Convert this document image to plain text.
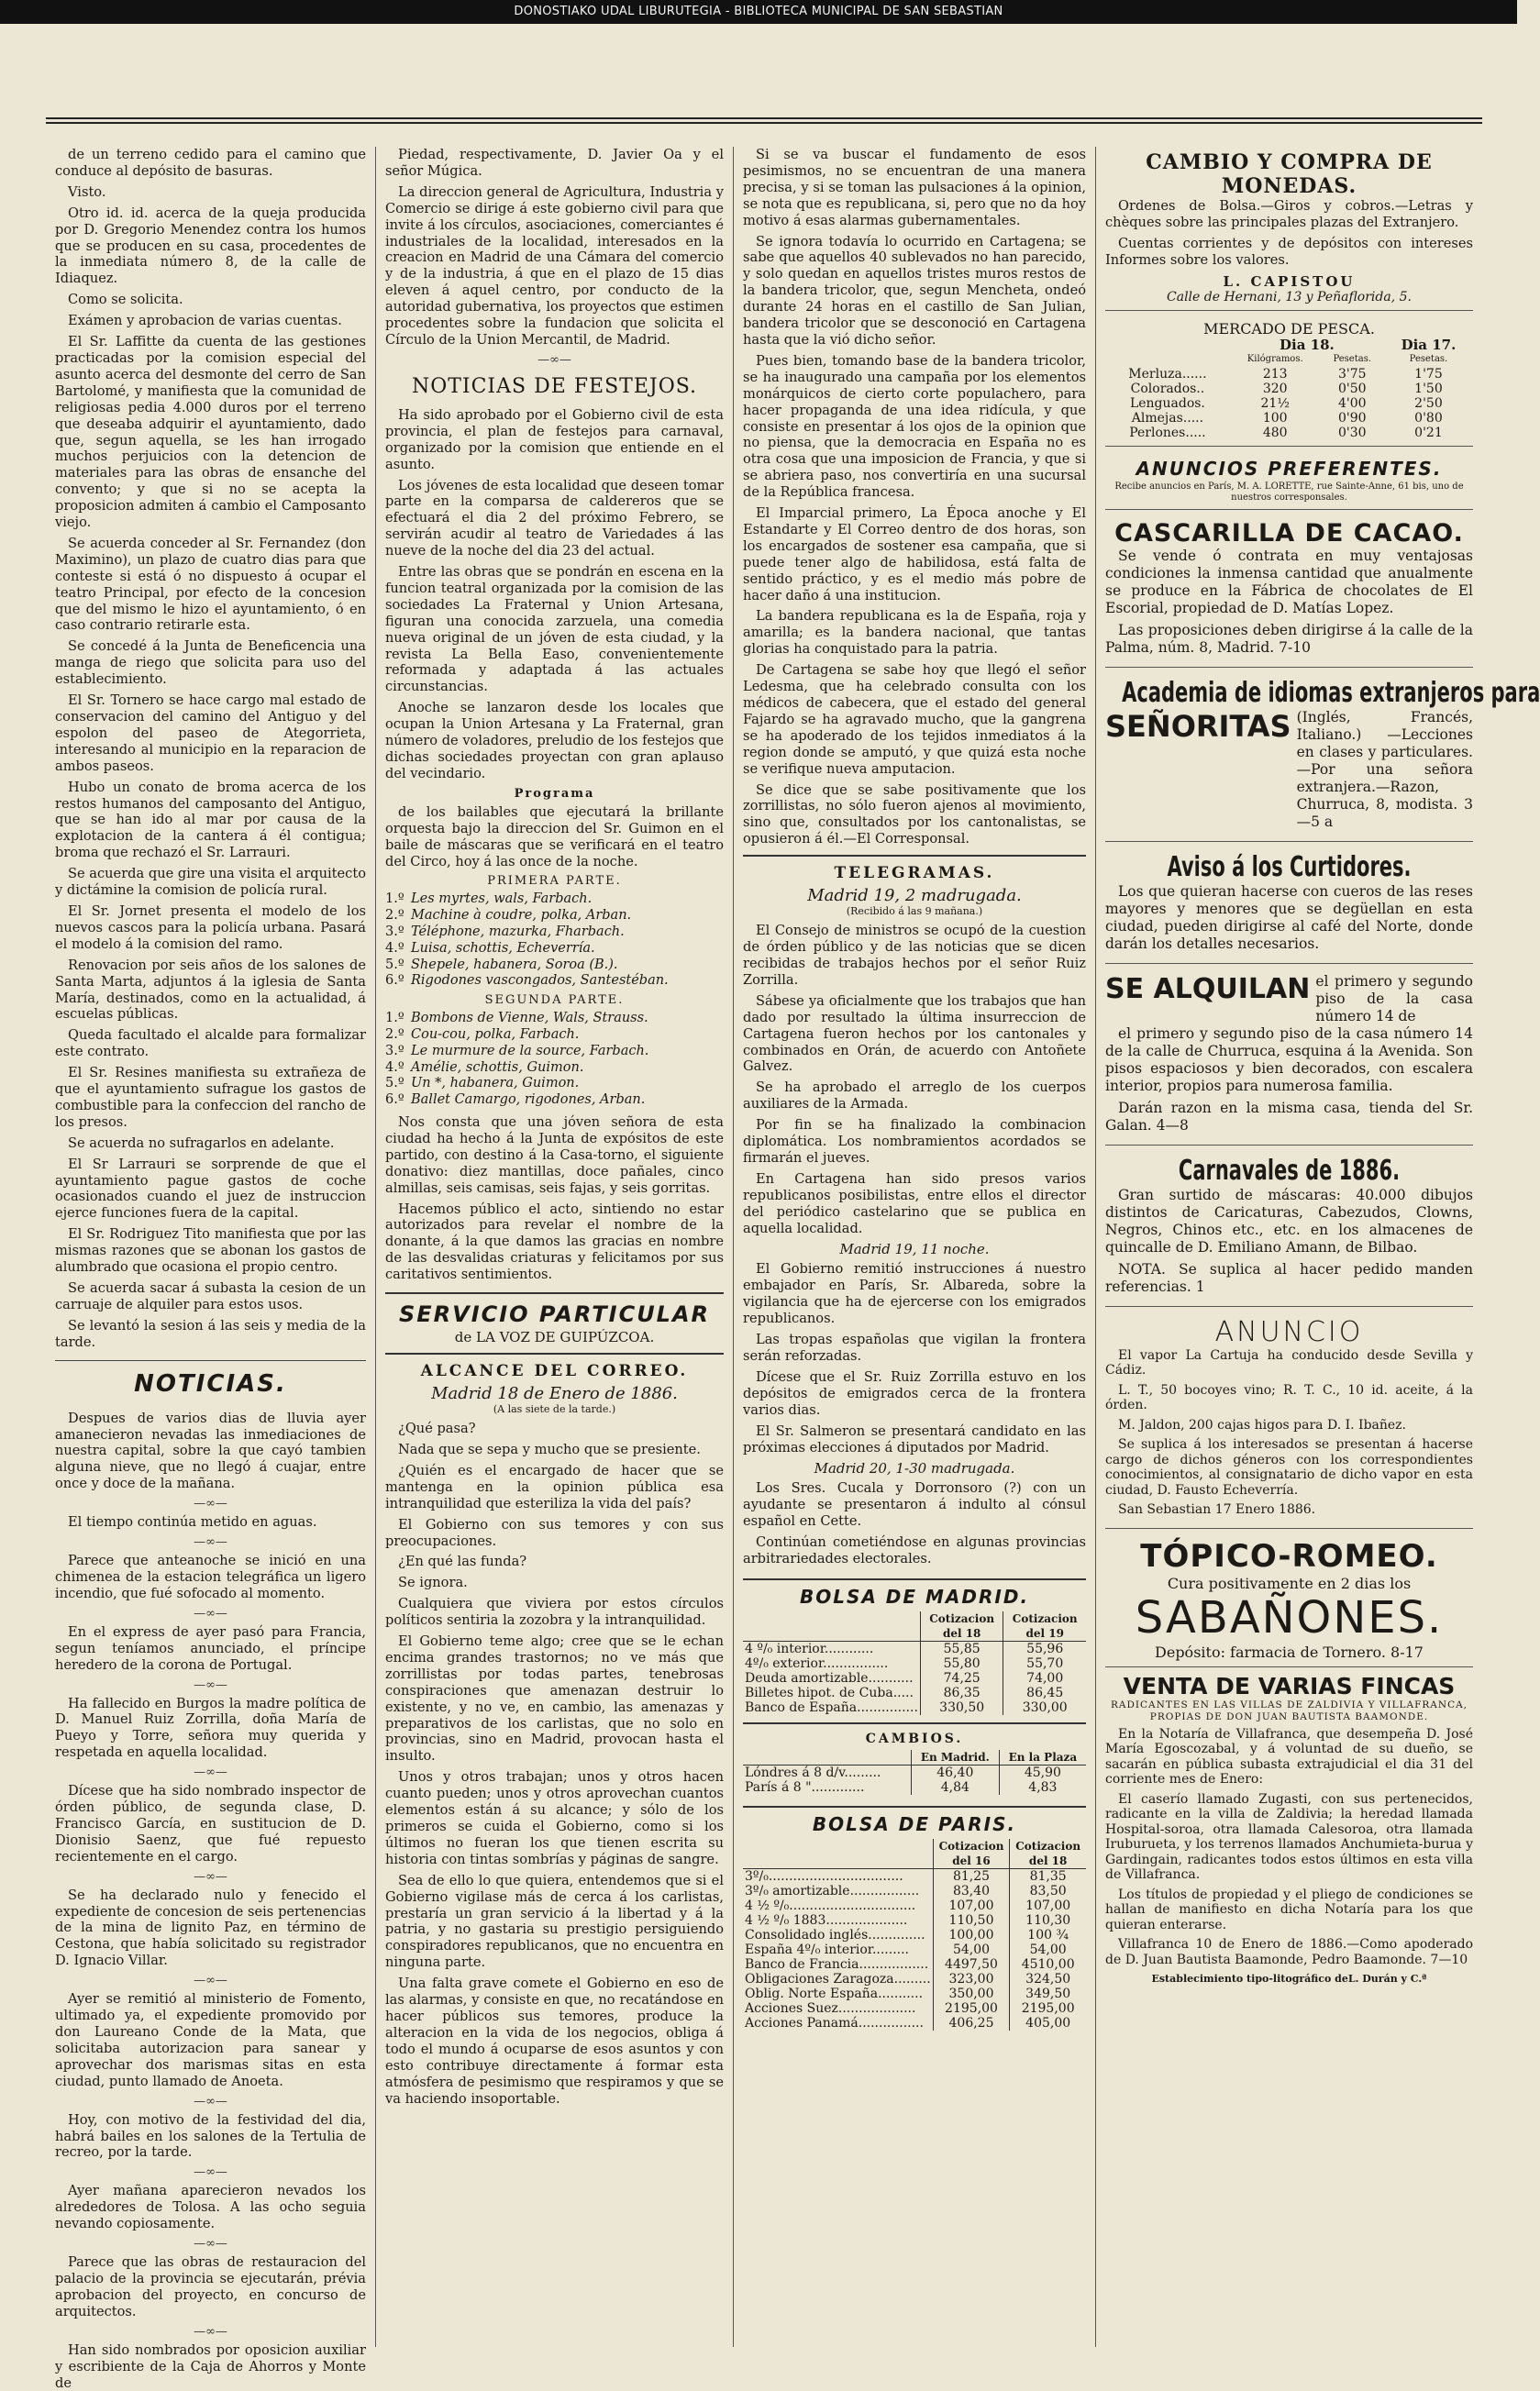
DONOSTIAKO UDAL LIBURUTEGIA - BIBLIOTECA MUNICIPAL DE SAN SEBASTIAN

de un terreno cedido para el camino que conduce al depósito de basuras.

Visto.

Otro id. id. acerca de la queja producida por D. Gregorio Menendez contra los humos que se producen en su casa, procedentes de la inmediata número 8, de la calle de Idiaquez.

Como se solicita.

Exámen y aprobacion de varias cuentas.

El Sr. Laffitte da cuenta de las gestiones practicadas por la comision especial del asunto acerca del desmonte del cerro de San Bartolomé, y manifiesta que la comunidad de religiosas pedia 4.000 duros por el terreno que deseaba adquirir el ayuntamiento, dado que, segun aquella, se les han irrogado muchos perjuicios con la detencion de materiales para las obras de ensanche del convento; y que si no se acepta la proposicion admiten á cambio el Camposanto viejo.

Se acuerda conceder al Sr. Fernandez (don Maximino), un plazo de cuatro dias para que conteste si está ó no dispuesto á ocupar el teatro Principal, por efecto de la concesion que del mismo le hizo el ayuntamiento, ó en caso contrario retirarle esta.

Se concedé á la Junta de Beneficencia una manga de riego que solicita para uso del establecimiento.

El Sr. Tornero se hace cargo mal estado de conservacion del camino del Antiguo y del espolon del paseo de Ategorrieta, interesando al municipio en la reparacion de ambos paseos.

Hubo un conato de broma acerca de los restos humanos del camposanto del Antiguo, que se han ido al mar por causa de la explotacion de la cantera á él contigua; broma que rechazó el Sr. Larrauri.

Se acuerda que gire una visita el arquitecto y dictámine la comision de policía rural.

El Sr. Jornet presenta el modelo de los nuevos cascos para la policía urbana. Pasará el modelo á la comision del ramo.

Renovacion por seis años de los salones de Santa Marta, adjuntos á la iglesia de Santa María, destinados, como en la actualidad, á escuelas públicas.

Queda facultado el alcalde para formalizar este contrato.

El Sr. Resines manifiesta su extrañeza de que el ayuntamiento sufrague los gastos de combustible para la confeccion del rancho de los presos.

Se acuerda no sufragarlos en adelante.

El Sr Larrauri se sorprende de que el ayuntamiento pague gastos de coche ocasionados cuando el juez de instruccion ejerce funciones fuera de la capital.

El Sr. Rodriguez Tito manifiesta que por las mismas razones que se abonan los gastos de alumbrado que ocasiona el propio centro.

Se acuerda sacar á subasta la cesion de un carruaje de alquiler para estos usos.

Se levantó la sesion á las seis y media de la tarde.

NOTICIAS.

Despues de varios dias de lluvia ayer amanecieron nevadas las inmediaciones de nuestra capital, sobre la que cayó tambien alguna nieve, que no llegó á cuajar, entre once y doce de la mañana.

—∞—

El tiempo continúa metido en aguas.

—∞—

Parece que anteanoche se inició en una chimenea de la estacion telegráfica un ligero incendio, que fué sofocado al momento.

—∞—

En el express de ayer pasó para Francia, segun teníamos anunciado, el príncipe heredero de la corona de Portugal.

—∞—

Ha fallecido en Burgos la madre política de D. Manuel Ruiz Zorrilla, doña María de Pueyo y Torre, señora muy querida y respetada en aquella localidad.

—∞—

Dícese que ha sido nombrado inspector de órden público, de segunda clase, D. Francisco García, en sustitucion de D. Dionisio Saenz, que fué repuesto recientemente en el cargo.

—∞—

Se ha declarado nulo y fenecido el expediente de concesion de seis pertenencias de la mina de lignito Paz, en término de Cestona, que había solicitado su registrador D. Ignacio Villar.

—∞—

Ayer se remitió al ministerio de Fomento, ultimado ya, el expediente promovido por don Laureano Conde de la Mata, que solicitaba autorizacion para sanear y aprovechar dos marismas sitas en esta ciudad, punto llamado de Anoeta.

—∞—

Hoy, con motivo de la festividad del dia, habrá bailes en los salones de la Tertulia de recreo, por la tarde.

—∞—

Ayer mañana aparecieron nevados los alrededores de Tolosa. A las ocho seguia nevando copiosamente.

—∞—

Parece que las obras de restauracion del palacio de la provincia se ejecutarán, prévia aprobacion del proyecto, en concurso de arquitectos.

—∞—

Han sido nombrados por oposicion auxiliar y escribiente de la Caja de Ahorros y Monte de

Piedad, respectivamente, D. Javier Oa y el señor Múgica.

La direccion general de Agricultura, Industria y Comercio se dirige á este gobierno civil para que invite á los círculos, asociaciones, comerciantes é industriales de la localidad, interesados en la creacion en Madrid de una Cámara del comercio y de la industria, á que en el plazo de 15 dias eleven á aquel centro, por conducto de la autoridad gubernativa, los proyectos que estimen procedentes sobre la fundacion que solicita el Círculo de la Union Mercantil, de Madrid.

—∞—
NOTICIAS DE FESTEJOS.

Ha sido aprobado por el Gobierno civil de esta provincia, el plan de festejos para carnaval, organizado por la comision que entiende en el asunto.

Los jóvenes de esta localidad que deseen tomar parte en la comparsa de caldereros que se efectuará el dia 2 del próximo Febrero, se servirán acudir al teatro de Variedades á las nueve de la noche del dia 23 del actual.

Entre las obras que se pondrán en escena en la funcion teatral organizada por la comision de las sociedades La Fraternal y Union Artesana, figuran una conocida zarzuela, una comedia nueva original de un jóven de esta ciudad, y la revista La Bella Easo, convenientemente reformada y adaptada á las actuales circunstancias.

Anoche se lanzaron desde los locales que ocupan la Union Artesana y La Fraternal, gran número de voladores, preludio de los festejos que dichas sociedades proyectan con gran aplauso del vecindario.

Programa

de los bailables que ejecutará la brillante orquesta bajo la direccion del Sr. Guimon en el baile de máscaras que se verificará en el teatro del Circo, hoy á las once de la noche.

PRIMERA PARTE.
1.º Les myrtes, wals, Farbach.
2.º Machine à coudre, polka, Arban.
3.º Téléphone, mazurka, Fharbach.
4.º Luisa, schottis, Echeverría.
5.º Shepele, habanera, Soroa (B.).
6.º Rigodones vascongados, Santestéban.
SEGUNDA PARTE.
1.º Bombons de Vienne, Wals, Strauss.
2.º Cou-cou, polka, Farbach.
3.º Le murmure de la source, Farbach.
4.º Amélie, schottis, Guimon.
5.º Un *, habanera, Guimon.
6.º Ballet Camargo, rigodones, Arban.

Nos consta que una jóven señora de esta ciudad ha hecho á la Junta de expósitos de este partido, con destino á la Casa-torno, el siguiente donativo: diez mantillas, doce pañales, cinco almillas, seis camisas, seis fajas, y seis gorritas.

Hacemos público el acto, sintiendo no estar autorizados para revelar el nombre de la donante, á la que damos las gracias en nombre de las desvalidas criaturas y felicitamos por sus caritativos sentimientos.

SERVICIO PARTICULAR
de LA VOZ DE GUIPÚZCOA.
ALCANCE DEL CORREO.
Madrid 18 de Enero de 1886.
(A las siete de la tarde.)

¿Qué pasa?

Nada que se sepa y mucho que se presiente.

¿Quién es el encargado de hacer que se mantenga en la opinion pública esa intranquilidad que esteriliza la vida del país?

El Gobierno con sus temores y con sus preocupaciones.

¿En qué las funda?

Se ignora.

Cualquiera que viviera por estos círculos políticos sentiria la zozobra y la intranquilidad.

El Gobierno teme algo; cree que se le echan encima grandes trastornos; no ve más que zorrillistas por todas partes, tenebrosas conspiraciones que amenazan destruir lo existente, y no ve, en cambio, las amenazas y preparativos de los carlistas, que no solo en provincias, sino en Madrid, provocan hasta el insulto.

Unos y otros trabajan; unos y otros hacen cuanto pueden; unos y otros aprovechan cuantos elementos están á su alcance; y sólo de los primeros se cuida el Gobierno, como si los últimos no fueran los que tienen escrita su historia con tintas sombrías y páginas de sangre.

Sea de ello lo que quiera, entendemos que si el Gobierno vigilase más de cerca á los carlistas, prestaría un gran servicio á la libertad y á la patria, y no gastaria su prestigio persiguiendo conspiradores republicanos, que no encuentra en ninguna parte.

Una falta grave comete el Gobierno en eso de las alarmas, y consiste en que, no recatándose en hacer públicos sus temores, produce la alteracion en la vida de los negocios, obliga á todo el mundo á ocuparse de esos asuntos y con esto contribuye directamente á formar esta atmósfera de pesimismo que respiramos y que se va haciendo insoportable.

Si se va buscar el fundamento de esos pesimismos, no se encuentran de una manera precisa, y si se toman las pulsaciones á la opinion, se nota que es republicana, si, pero que no da hoy motivo á esas alarmas gubernamentales.

Se ignora todavía lo ocurrido en Cartagena; se sabe que aquellos 40 sublevados no han parecido, y solo quedan en aquellos tristes muros restos de la bandera tricolor, que, segun Mencheta, ondeó durante 24 horas en el castillo de San Julian, bandera tricolor que se desconoció en Cartagena hasta que la vió dicho señor.

Pues bien, tomando base de la bandera tricolor, se ha inaugurado una campaña por los elementos monárquicos de cierto corte populachero, para hacer propaganda de una idea ridícula, y que consiste en presentar á los ojos de la opinion que no piensa, que la democracia en España no es otra cosa que una imposicion de Francia, y que si se abriera paso, nos convertiría en una sucursal de la República francesa.

El Imparcial primero, La Época anoche y El Estandarte y El Correo dentro de dos horas, son los encargados de sostener esa campaña, que si puede tener algo de habilidosa, está falta de sentido práctico, y es el medio más pobre de hacer daño á una institucion.

La bandera republicana es la de España, roja y amarilla; es la bandera nacional, que tantas glorias ha conquistado para la patria.

De Cartagena se sabe hoy que llegó el señor Ledesma, que ha celebrado consulta con los médicos de cabecera, que el estado del general Fajardo se ha agravado mucho, que la gangrena se ha apoderado de los tejidos inmediatos á la region donde se amputó, y que quizá esta noche se verifique nueva amputacion.

Se dice que se sabe positivamente que los zorrillistas, no sólo fueron ajenos al movimiento, sino que, consultados por los cantonalistas, se opusieron á él.—El Corresponsal.

TELEGRAMAS.
Madrid 19, 2 madrugada.
(Recibido á las 9 mañana.)

El Consejo de ministros se ocupó de la cuestion de órden público y de las noticias que se dicen recibidas de trabajos hechos por el señor Ruiz Zorrilla.

Sábese ya oficialmente que los trabajos que han dado por resultado la última insurreccion de Cartagena fueron hechos por los cantonales y combinados en Orán, de acuerdo con Antoñete Galvez.

Se ha aprobado el arreglo de los cuerpos auxiliares de la Armada.

Por fin se ha finalizado la combinacion diplomática. Los nombramientos acordados se firmarán el jueves.

En Cartagena han sido presos varios republicanos posibilistas, entre ellos el director del periódico castelarino que se publica en aquella localidad.

Madrid 19, 11 noche.

El Gobierno remitió instrucciones á nuestro embajador en París, Sr. Albareda, sobre la vigilancia que ha de ejercerse con los emigrados republicanos.

Las tropas españolas que vigilan la frontera serán reforzadas.

Dícese que el Sr. Ruiz Zorrilla estuvo en los depósitos de emigrados cerca de la frontera varios dias.

El Sr. Salmeron se presentará candidato en las próximas elecciones á diputados por Madrid.

Madrid 20, 1-30 madrugada.

Los Sres. Cucala y Dorronsoro (?) con un ayudante se presentaron á indulto al cónsul español en Cette.

Continúan cometiéndose en algunas provincias arbitrariedades electorales.

BOLSA DE MADRID.
	Cotizacion del 18	Cotizacion del 19
4 º/₀ interior............	55,85	55,96
4º/₀ exterior................	55,80	55,70
Deuda amortizable...........	74,25	74,00
Billetes hipot. de Cuba.....	86,35	86,45
Banco de España...............	330,50	330,00
CAMBIOS.
	En Madrid.	En la Plaza
Lóndres á 8 d/v.........	46,40	45,90
París á 8 ".............	4,84	4,83
BOLSA DE PARIS.
	Cotizacion del 16	Cotizacion del 18
3º/₀.................................	81,25	81,35
3º/₀ amortizable.................	83,40	83,50
4 ½ º/₀...............................	107,00	107,00
4 ½ º/₀ 1883....................	110,50	110,30
Consolidado inglés..............	100,00	100 ¾
España 4º/₀ interior.........	54,00	54,00
Banco de Francia.................	4497,50	4510,00
Obligaciones Zaragoza.........	323,00	324,50
Oblig. Norte España...........	350,00	349,50
Acciones Suez...................	2195,00	2195,00
Acciones Panamá................	406,25	405,00
CAMBIO Y COMPRA DE MONEDAS.

Ordenes de Bolsa.—Giros y cobros.—Letras y chèques sobre las principales plazas del Extranjero.

Cuentas corrientes y de depósitos con intereses Informes sobre los valores.

L. CAPISTOU
Calle de Hernani, 13 y Peñaflorida, 5.
MERCADO DE PESCA.
	Dia 18.		Dia 17.
	Kilógramos.	Pesetas.	Pesetas.
Merluza......	213	3'75	1'75
Colorados..	320	0'50	1'50
Lenguados.	21½	4'00	2'50
Almejas.....	100	0'90	0'80
Perlones.....	480	0'30	0'21
ANUNCIOS PREFERENTES.
Recibe anuncios en París, M. A. LORETTE, rue Sainte-Anne, 61 bis, uno de nuestros corresponsales.
CASCARILLA DE CACAO.

Se vende ó contrata en muy ventajosas condiciones la inmensa cantidad que anualmente se produce en la Fábrica de chocolates de El Escorial, propiedad de D. Matías Lopez.

Las proposiciones deben dirigirse á la calle de la Palma, núm. 8, Madrid. 7-10

Academia de idiomas extranjeros para
SEÑORITAS (Inglés, Francés, Italiano.) —Lecciones en clases y particulares.—Por una señora extranjera.—Razon, Churruca, 8, modista. 3—5 a

Aviso á los Curtidores.

Los que quieran hacerse con cueros de las reses mayores y menores que se degüellan en esta ciudad, pueden dirigirse al café del Norte, donde darán los detalles necesarios.

SE ALQUILAN el primero y segundo piso de la casa número 14 de

el primero y segundo piso de la casa número 14 de la calle de Churruca, esquina á la Avenida. Son pisos espaciosos y bien decorados, con escalera interior, propios para numerosa familia.

Darán razon en la misma casa, tienda del Sr. Galan. 4—8

Carnavales de 1886.

Gran surtido de máscaras: 40.000 dibujos distintos de Caricaturas, Cabezudos, Clowns, Negros, Chinos etc., etc. en los almacenes de quincalle de D. Emiliano Amann, de Bilbao.

NOTA. Se suplica al hacer pedido manden referencias. 1

ANUNCIO

El vapor La Cartuja ha conducido desde Sevilla y Cádiz.

L. T., 50 bocoyes vino; R. T. C., 10 id. aceite, á la órden.

M. Jaldon, 200 cajas higos para D. I. Ibañez.

Se suplica á los interesados se presentan á hacerse cargo de dichos géneros con los correspondientes conocimientos, al consignatario de dicho vapor en esta ciudad, D. Fausto Echeverría.

San Sebastian 17 Enero 1886.

TÓPICO-ROMEO.
Cura positivamente en 2 dias los
SABAÑONES.
Depósito: farmacia de Tornero. 8-17
VENTA DE VARIAS FINCAS
RADICANTES EN LAS VILLAS DE ZALDIVIA Y VILLAFRANCA, PROPIAS DE DON JUAN BAUTISTA BAAMONDE.

En la Notaría de Villafranca, que desempeña D. José María Egoscozabal, y á voluntad de su dueño, se sacarán en pública subasta extrajudicial el dia 31 del corriente mes de Enero:

El caserío llamado Zugasti, con sus pertenecidos, radicante en la villa de Zaldivia; la heredad llamada Hospital-soroa, otra llamada Calesoroa, otra llamada Iruburueta, y los terrenos llamados Anchumieta-burua y Gardingain, radicantes todos estos últimos en esta villa de Villafranca.

Los títulos de propiedad y el pliego de condiciones se hallan de manifiesto en dicha Notaría para los que quieran enterarse.

Villafranca 10 de Enero de 1886.—Como apoderado de D. Juan Bautista Baamonde, Pedro Baamonde. 7—10

Establecimiento tipo-litográfico deL. Durán y C.ª
